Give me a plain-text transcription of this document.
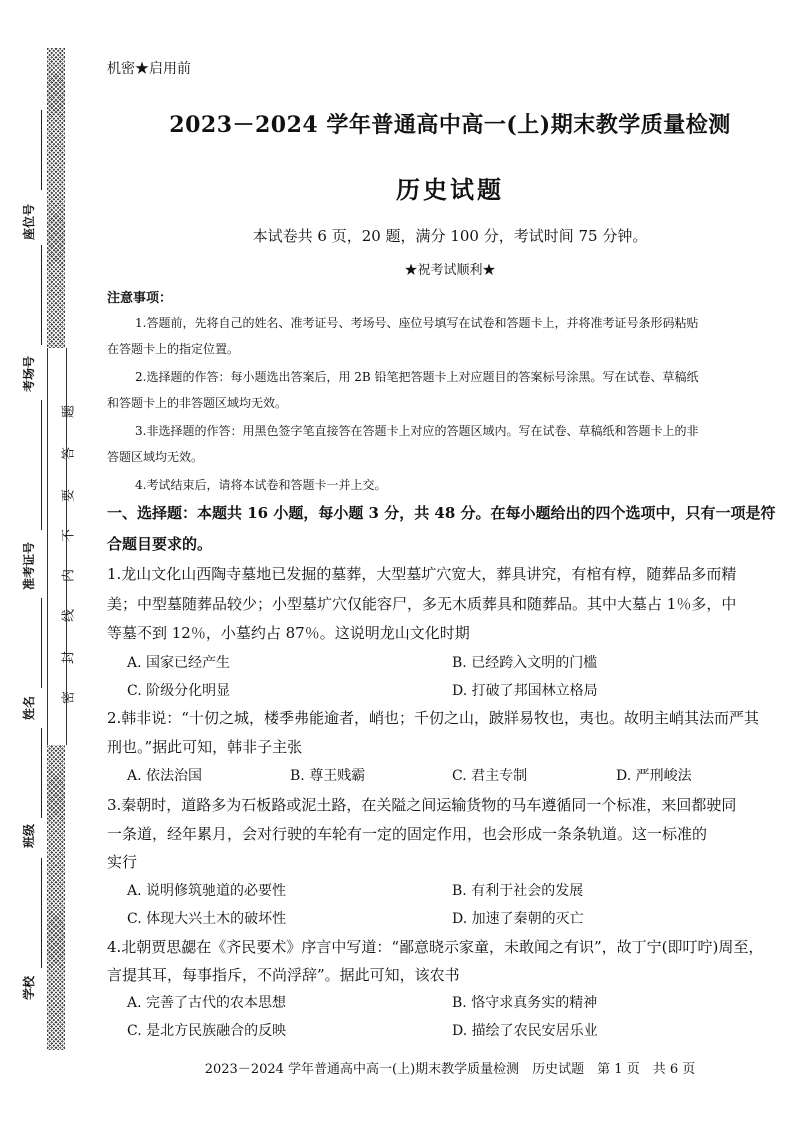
题
答
要
不
内
线
封
密
座位号
考场号
准考证号
姓名
班级
学校
机密★启用前
2023－2024 学年普通高中高一(上)期末教学质量检测
历史试题
本试卷共 6 页，20 题，满分 100 分，考试时间 75 分钟。
★祝考试顺利★
注意事项：
1.答题前，先将自己的姓名、准考证号、考场号、座位号填写在试卷和答题卡上，并将准考证号条形码粘贴
在答题卡上的指定位置。
2.选择题的作答：每小题选出答案后，用 2B 铅笔把答题卡上对应题目的答案标号涂黑。写在试卷、草稿纸
和答题卡上的非答题区域均无效。
3.非选择题的作答：用黑色签字笔直接答在答题卡上对应的答题区域内。写在试卷、草稿纸和答题卡上的非
答题区域均无效。
4.考试结束后，请将本试卷和答题卡一并上交。
一、选择题：本题共 16 小题，每小题 3 分，共 48 分。在每小题给出的四个选项中，只有一项是符
合题目要求的。
1.龙山文化山西陶寺墓地已发掘的墓葬，大型墓圹穴宽大，葬具讲究，有棺有椁，随葬品多而精
美；中型墓随葬品较少；小型墓圹穴仅能容尸，多无木质葬具和随葬品。其中大墓占 1％多，中
等墓不到 12％，小墓约占 87％。这说明龙山文化时期
A. 国家已经产生	B. 已经跨入文明的门槛
C. 阶级分化明显	D. 打破了邦国林立格局
2.韩非说：“十仞之城，楼季弗能逾者，峭也；千仞之山，跛牂易牧也，夷也。故明主峭其法而严其
刑也。”据此可知，韩非子主张
A. 依法治国	B. 尊王贱霸	C. 君主专制	D. 严刑峻法
3.秦朝时，道路多为石板路或泥土路，在关隘之间运输货物的马车遵循同一个标准，来回都驶同
一条道，经年累月，会对行驶的车轮有一定的固定作用，也会形成一条条轨道。这一标准的
实行
A. 说明修筑驰道的必要性	B. 有利于社会的发展
C. 体现大兴土木的破坏性	D. 加速了秦朝的灭亡
4.北朝贾思勰在《齐民要术》序言中写道：“鄙意晓示家童，未敢闻之有识”，故丁宁(即叮咛)周至，
言提其耳，每事指斥，不尚浮辞”。据此可知，该农书
A. 完善了古代的农本思想	B. 恪守求真务实的精神
C. 是北方民族融合的反映	D. 描绘了农民安居乐业
2023－2024 学年普通高中高一(上)期末教学质量检测　历史试题　第 1 页　共 6 页
